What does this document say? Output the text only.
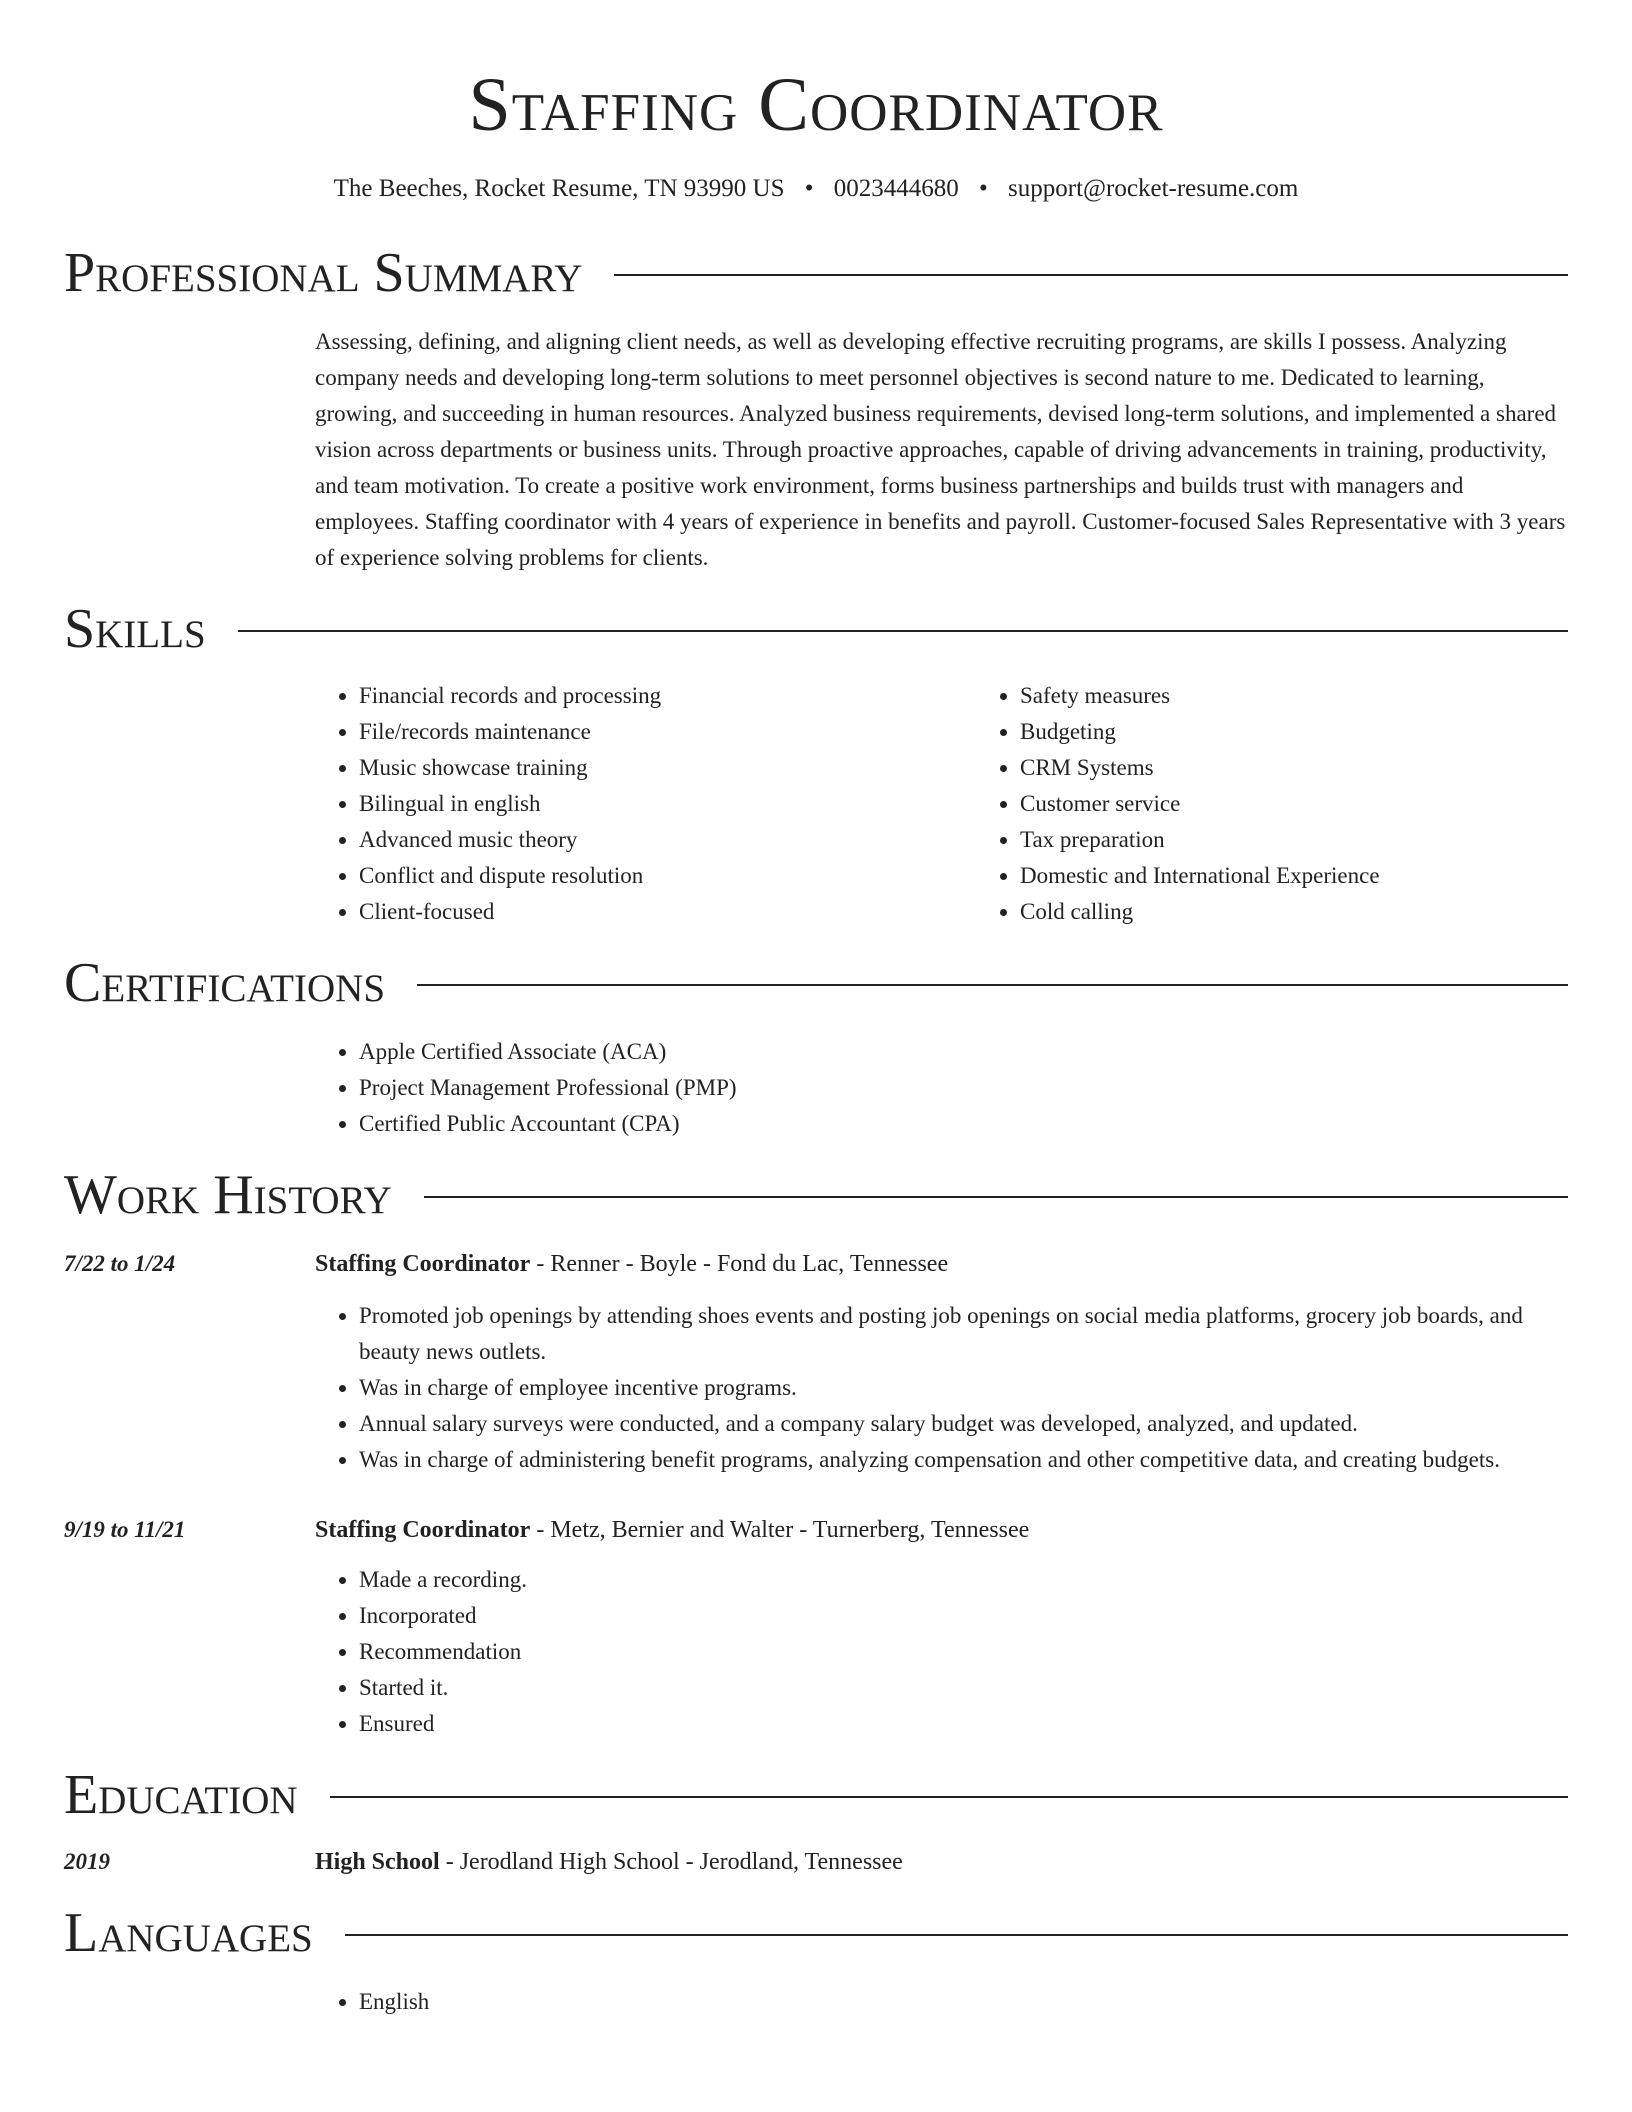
Staffing Coordinator
The Beeches, Rocket Resume, TN 93990 US • 0023444680 • support@rocket-resume.com
Professional Summary
Assessing, defining, and aligning client needs, as well as developing effective recruiting programs, are skills I possess. Analyzing company needs and developing long-term solutions to meet personnel objectives is second nature to me. Dedicated to learning, growing, and succeeding in human resources. Analyzed business requirements, devised long-term solutions, and implemented a shared vision across departments or business units. Through proactive approaches, capable of driving advancements in training, productivity, and team motivation. To create a positive work environment, forms business partnerships and builds trust with managers and employees. Staffing coordinator with 4 years of experience in benefits and payroll. Customer-focused Sales Representative with 3 years of experience solving problems for clients.
Skills
• Financial records and processing
• File/records maintenance
• Music showcase training
• Bilingual in english
• Advanced music theory
• Conflict and dispute resolution
• Client-focused
• Safety measures
• Budgeting
• CRM Systems
• Customer service
• Tax preparation
• Domestic and International Experience
• Cold calling
Certifications
• Apple Certified Associate (ACA)
• Project Management Professional (PMP)
• Certified Public Accountant (CPA)
Work History
7/22 to 1/24	Staffing Coordinator - Renner - Boyle - Fond du Lac, Tennessee
• Promoted job openings by attending shoes events and posting job openings on social media platforms, grocery job boards, and beauty news outlets.
• Was in charge of employee incentive programs.
• Annual salary surveys were conducted, and a company salary budget was developed, analyzed, and updated.
• Was in charge of administering benefit programs, analyzing compensation and other competitive data, and creating budgets.
9/19 to 11/21	Staffing Coordinator - Metz, Bernier and Walter - Turnerberg, Tennessee
• Made a recording.
• Incorporated
• Recommendation
• Started it.
• Ensured
Education
2019	High School - Jerodland High School - Jerodland, Tennessee
Languages
• English
